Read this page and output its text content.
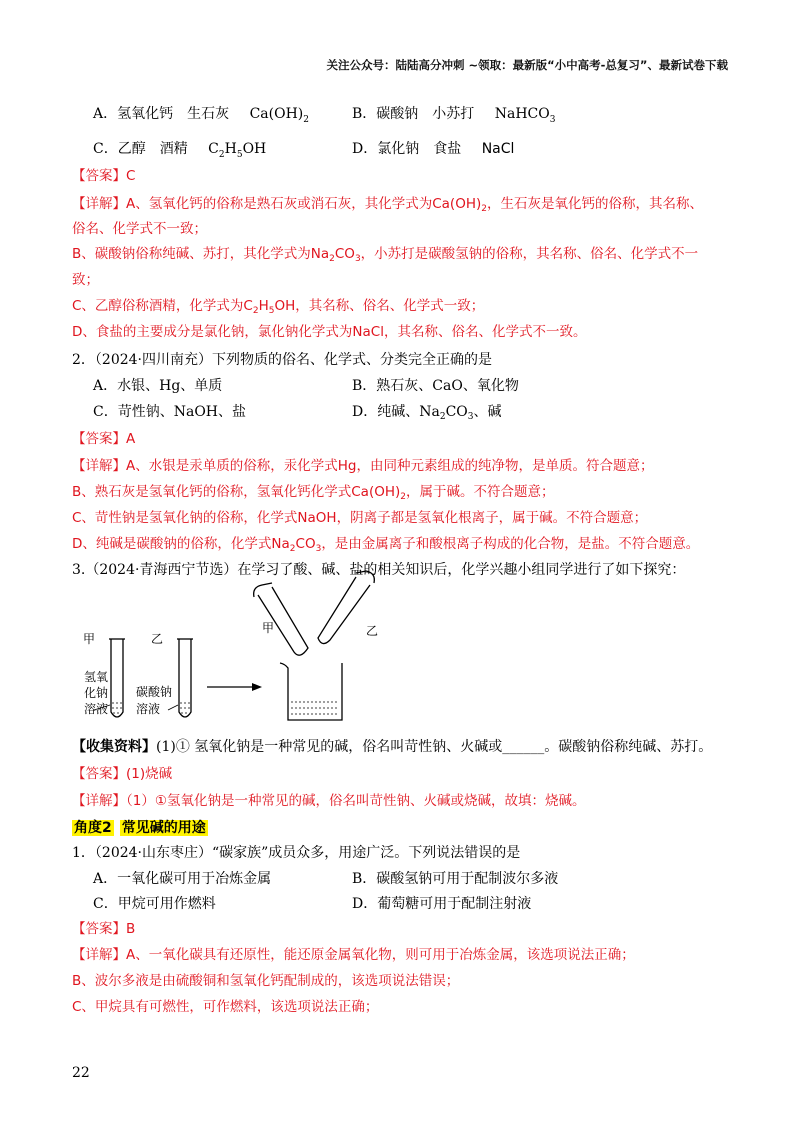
关注公众号：陆陆高分冲刺 ~领取：最新版“小中高考-总复习”、最新试卷下载
A．氢氧化钙　生石灰 $Ca(OH)_2$	B．碳酸钠　小苏打 NaHCO$_3$
C．乙醇　酒精 $C_2H_5OH$	D．氯化钠　食盐 NaCl
【答案】C
【详解】A、氢氧化钙的俗称是熟石灰或消石灰，其化学式为$Ca(OH)_2$，生石灰是氧化钙的俗称，其名称、
俗名、化学式不一致；
B、碳酸钠俗称纯碱、苏打，其化学式为$Na_2CO_3$，小苏打是碳酸氢钠的俗称，其名称、俗名、化学式不一
致；
C、乙醇俗称酒精，化学式为$C_2H_5OH$，其名称、俗名、化学式一致；
D、食盐的主要成分是氯化钠，氯化钠化学式为NaCl，其名称、俗名、化学式不一致。
2．（2024·四川南充）下列物质的俗名、化学式、分类完全正确的是
A．水银、Hg、单质	B．熟石灰、CaO、氧化物
C．苛性钠、NaOH、盐	D．纯碱、$Na_2CO_3$、碱
【答案】A
【详解】A、水银是汞单质的俗称，汞化学式Hg，由同种元素组成的纯净物，是单质。符合题意；
B、熟石灰是氢氧化钙的俗称，氢氧化钙化学式$Ca(OH)_2$，属于碱。不符合题意；
C、苛性钠是氢氧化钠的俗称，化学式NaOH，阴离子都是氢氧化根离子，属于碱。不符合题意；
D、纯碱是碳酸钠的俗称，化学式$Na_2CO_3$，是由金属离子和酸根离子构成的化合物，是盐。不符合题意。
3.（2024·青海西宁节选）在学习了酸、碱、盐的相关知识后，化学兴趣小组同学进行了如下探究：
甲
氢氧
化钠
溶液
乙
碳酸钠
溶液
甲	乙
【收集资料】(1)① 氢氧化钠是一种常见的碱，俗名叫苛性钠、火碱或______。碳酸钠俗称纯碱、苏打。
【答案】(1)烧碱
【详解】（1）①氢氧化钠是一种常见的碱，俗名叫苛性钠、火碱或烧碱，故填：烧碱。
角度2 常见碱的用途
1．（2024·山东枣庄）“碳家族”成员众多，用途广泛。下列说法错误的是
A．一氧化碳可用于冶炼金属	B．碳酸氢钠可用于配制波尔多液
C．甲烷可用作燃料	D．葡萄糖可用于配制注射液
【答案】B
【详解】A、一氧化碳具有还原性，能还原金属氧化物，则可用于冶炼金属，该选项说法正确；
B、波尔多液是由硫酸铜和氢氧化钙配制成的，该选项说法错误；
C、甲烷具有可燃性，可作燃料，该选项说法正确；
22
